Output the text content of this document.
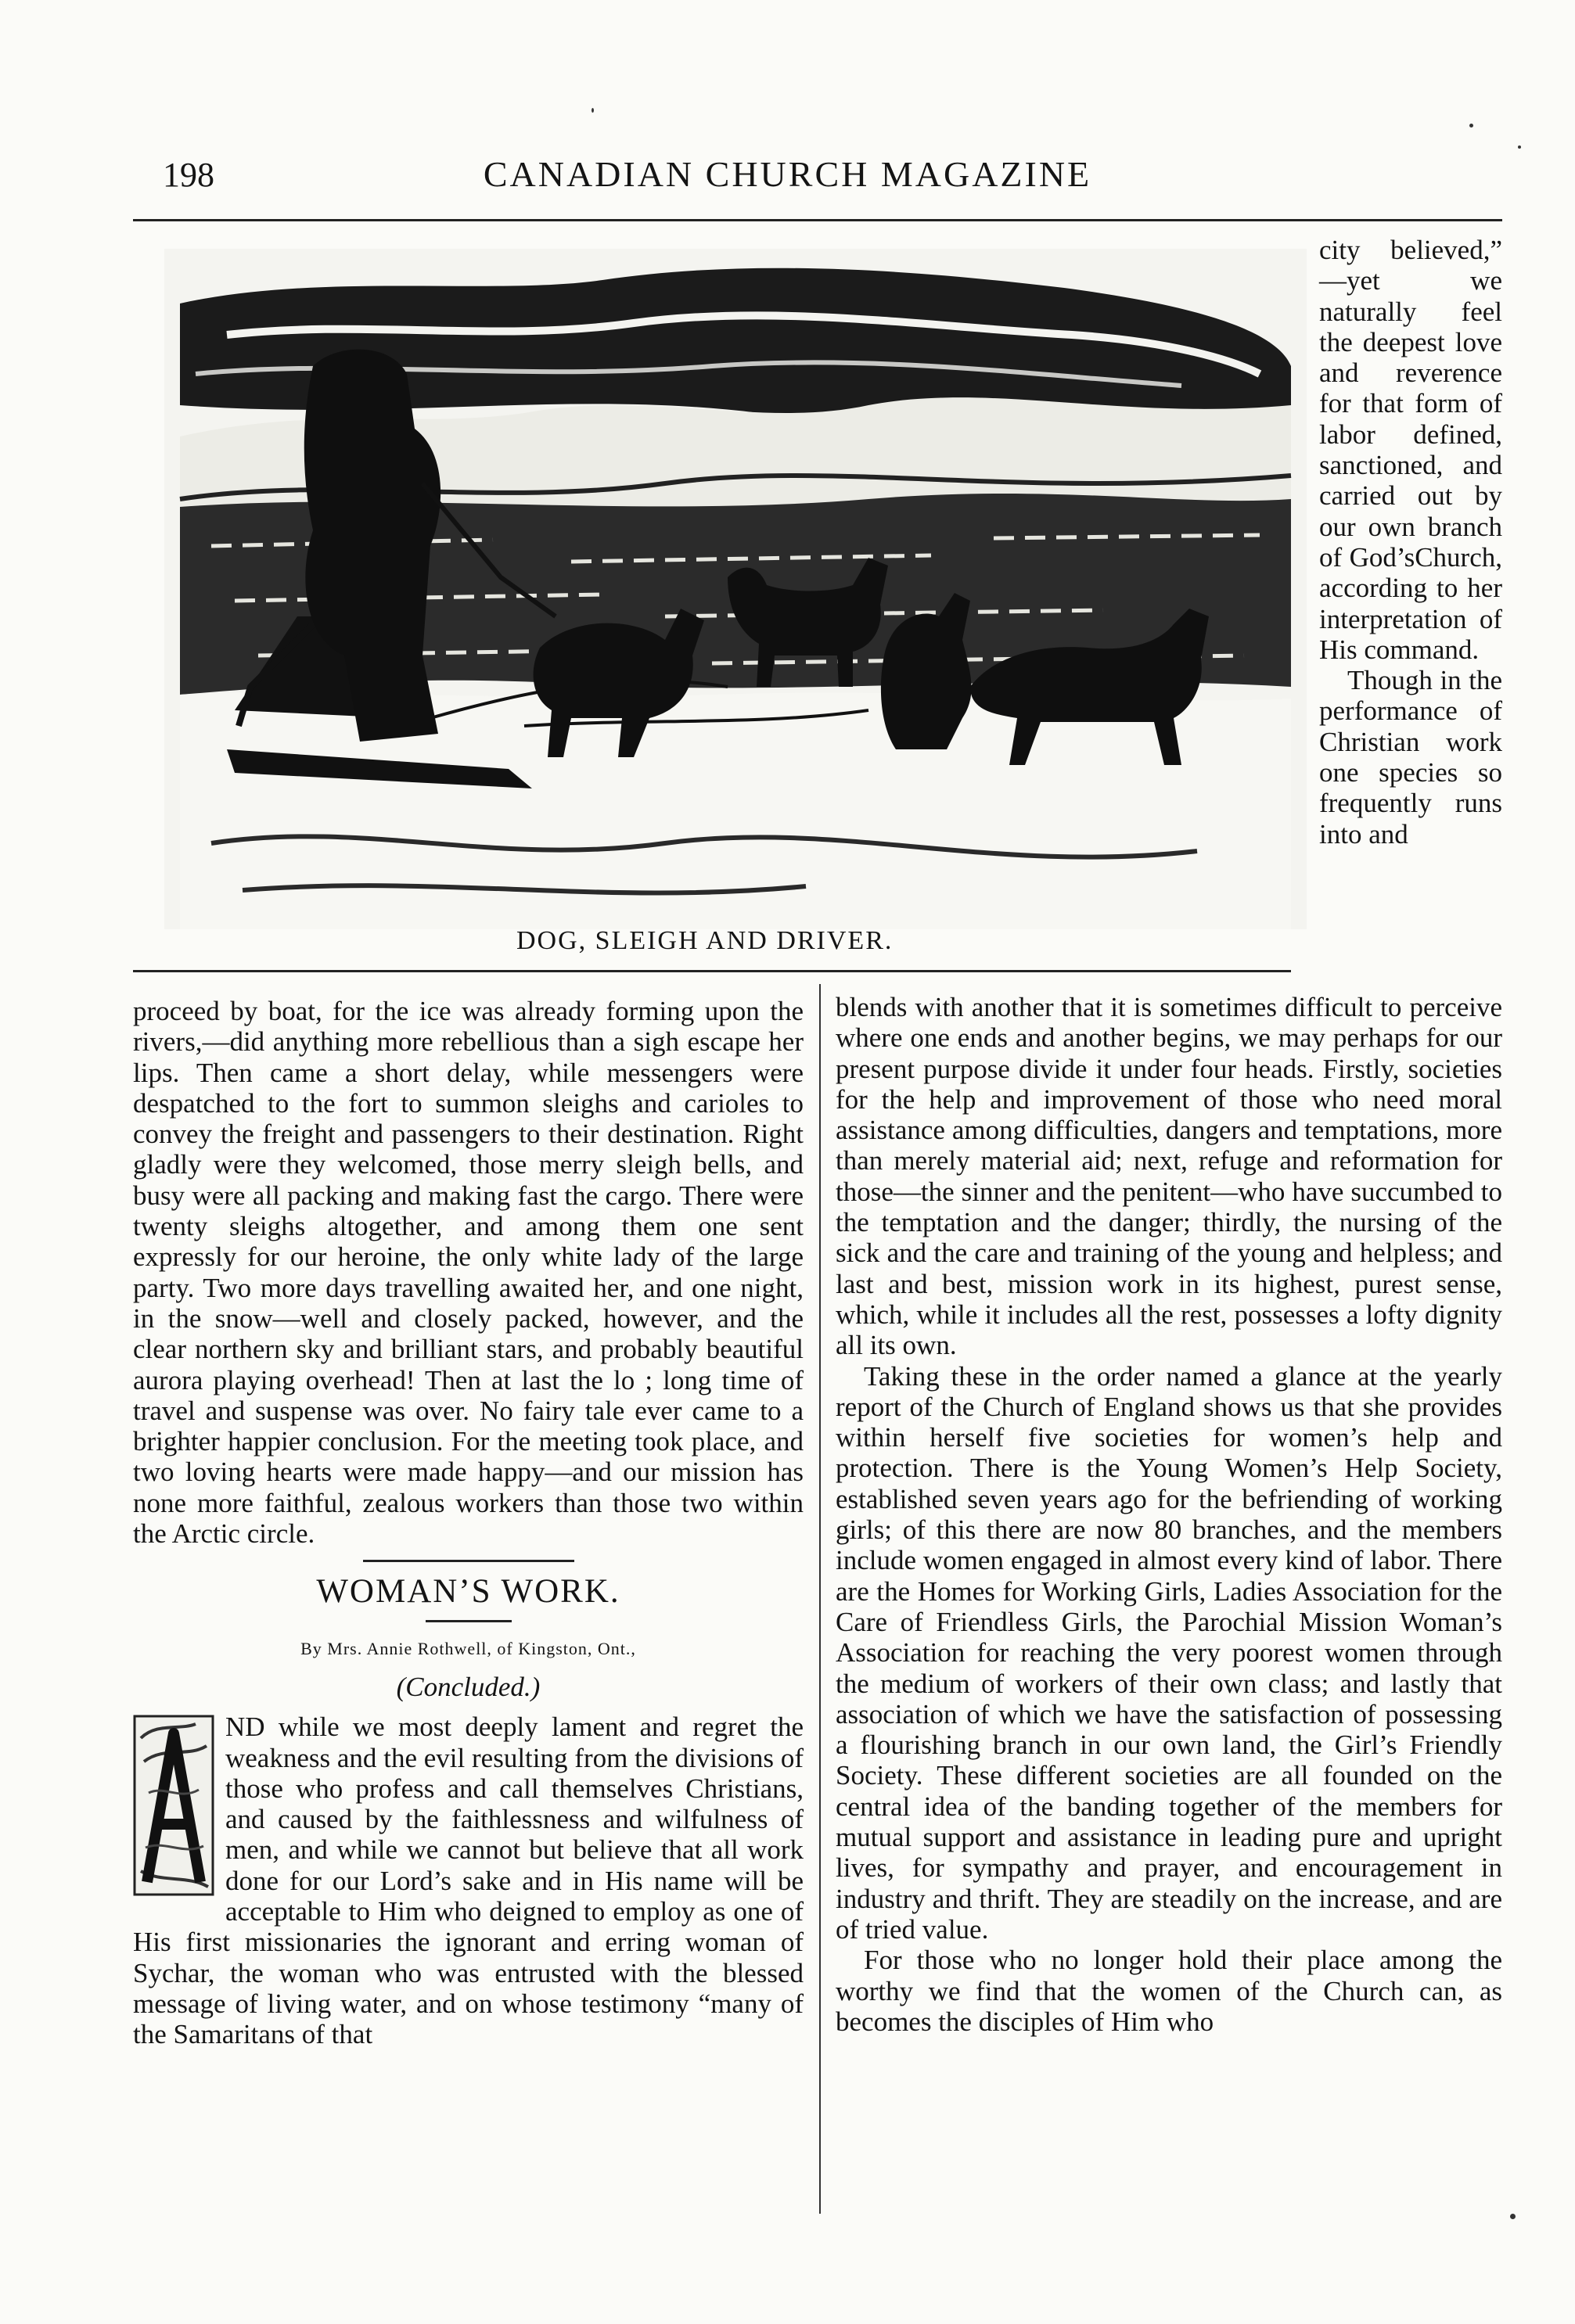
198	CANADIAN CHURCH MAGAZINE
DOG, SLEIGH AND DRIVER.

city believed,” —yet we naturally feel the deepest love and reverence for that form of labor defined, sanctioned, and carried out by our own branch of God’sChurch, according to her interpretation of His command.

Though in the performance of Christian work one species so frequently runs into and

proceed by boat, for the ice was already forming upon the rivers,—did anything more rebellious than a sigh escape her lips. Then came a short delay, while messengers were despatched to the fort to summon sleighs and carioles to convey the freight and passengers to their destination. Right gladly were they welcomed, those merry sleigh bells, and busy were all packing and making fast the cargo. There were twenty sleighs altogether, and among them one sent expressly for our heroine, the only white lady of the large party. Two more days travelling awaited her, and one night, in the snow—well and closely packed, however, and the clear northern sky and brilliant stars, and probably beautiful aurora playing overhead! Then at last the lo ; long time of travel and suspense was over. No fairy tale ever came to a brighter happier conclusion. For the meeting took place, and two loving hearts were made happy—and our mission has none more faithful, zealous workers than those two within the Arctic circle.

WOMAN’S WORK.
By Mrs. Annie Rothwell, of Kingston, Ont.,
(Concluded.)

ND while we most deeply lament and regret the weakness and the evil resulting from the divisions of those who profess and call themselves Christians, and caused by the faithlessness and wilfulness of men, and while we cannot but believe that all work done for our Lord’s sake and in His name will be acceptable to Him who deigned to employ as one of His first missionaries the ignorant and erring woman of Sychar, the woman who was entrusted with the blessed message of living water, and on whose testimony “many of the Samaritans of that

blends with another that it is sometimes difficult to perceive where one ends and another begins, we may perhaps for our present purpose divide it under four heads. Firstly, societies for the help and improvement of those who need moral assistance among difficulties, dangers and temptations, more than merely material aid; next, refuge and reformation for those—the sinner and the penitent—who have succumbed to the temptation and the danger; thirdly, the nursing of the sick and the care and training of the young and helpless; and last and best, mission work in its highest, purest sense, which, while it includes all the rest, possesses a lofty dignity all its own.

Taking these in the order named a glance at the yearly report of the Church of England shows us that she provides within herself five societies for women’s help and protection. There is the Young Women’s Help Society, established seven years ago for the befriending of working girls; of this there are now 80 branches, and the members include women engaged in almost every kind of labor. There are the Homes for Working Girls, Ladies Association for the Care of Friendless Girls, the Parochial Mission Woman’s Association for reaching the very poorest women through the medium of workers of their own class; and lastly that association of which we have the satisfaction of possessing a flourishing branch in our own land, the Girl’s Friendly Society. These different societies are all founded on the central idea of the banding together of the members for mutual support and assistance in leading pure and upright lives, for sympathy and prayer, and encouragement in industry and thrift. They are steadily on the increase, and are of tried value.

For those who no longer hold their place among the worthy we find that the women of the Church can, as becomes the disciples of Him who
